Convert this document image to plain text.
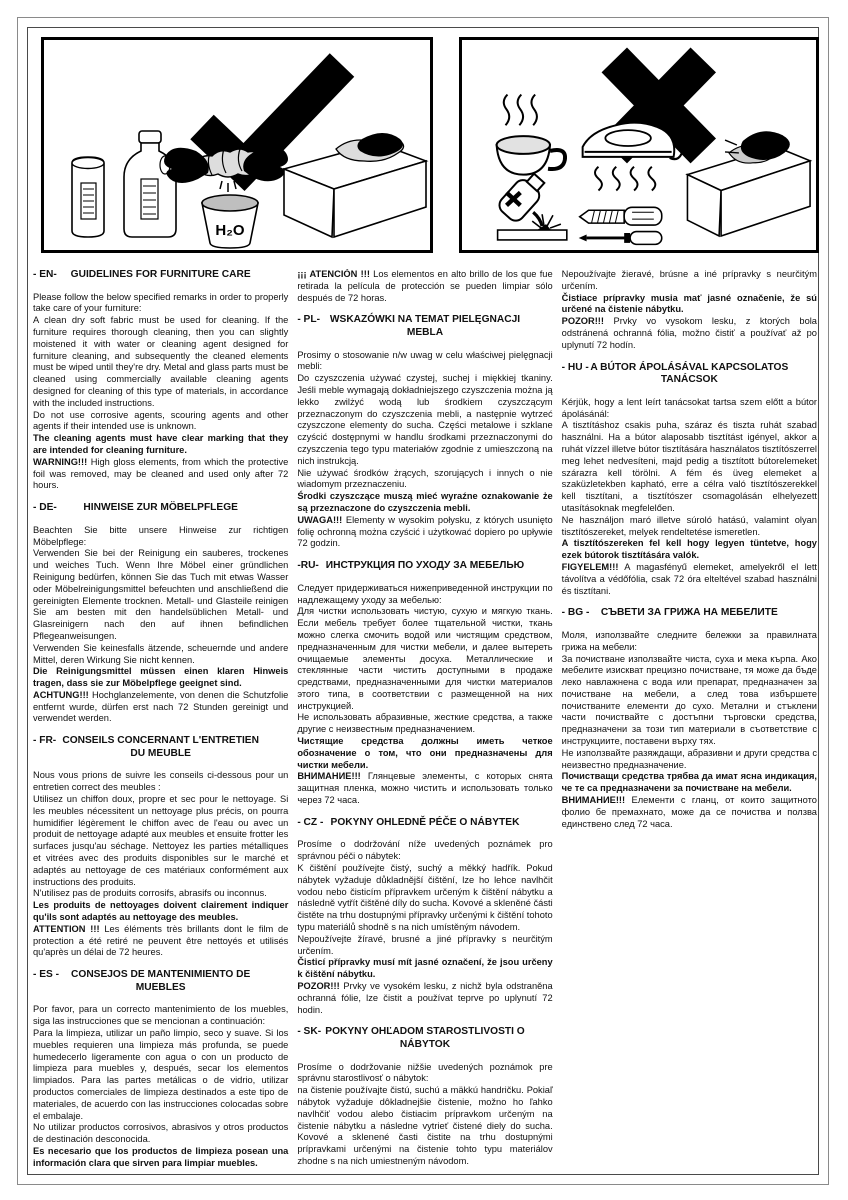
H₂O
- EN- GUIDELINES FOR FURNITURE CARE

Please follow the below specified remarks in order to properly take care of your furniture:

A clean dry soft fabric must be used for cleaning. If the furniture requires thorough cleaning, then you can slightly moistened it with water or cleaning agent designed for furniture cleaning, and subsequently the cleaned elements must be wiped until they're dry. Metal and glass parts must be cleaned using commercially available cleaning agents designed for cleaning of this type of materials, in accordance with the included instructions.

Do not use corrosive agents, scouring agents and other agents if their intended use is unknown.

The cleaning agents must have clear marking that they are intended for cleaning furniture.

WARNING!!! High gloss elements, from which the protective foil was removed, may be cleaned and used only after 72 hours.

- DE-	HINWEISE ZUR MÖBELPFLEGE

Beachten Sie bitte unsere Hinweise zur richtigen Möbelpflege:

Verwenden Sie bei der Reinigung ein sauberes, trockenes und weiches Tuch. Wenn Ihre Möbel einer gründlichen Reinigung bedürfen, können Sie das Tuch mit etwas Wasser oder Möbelreinigungsmittel befeuchten und anschließend die gereinigten Elemente trocknen. Metall- und Glasteile reinigen Sie am besten mit den handelsüblichen Metall- und Glasreinigern nach den auf ihnen befindlichen Pflegeanweisungen.

Verwenden Sie keinesfalls ätzende, scheuernde und andere Mittel, deren Wirkung Sie nicht kennen.

Die Reinigungsmittel müssen einen klaren Hinweis tragen, dass sie zur Möbelpflege geeignet sind.

ACHTUNG!!! Hochglanzelemente, von denen die Schutzfolie entfernt wurde, dürfen erst nach 72 Stunden gereinigt und verwendet werden.

- FR- CONSEILS CONCERNANT L'ENTRETIEN DU MEUBLE

Nous vous prions de suivre les conseils ci-dessous pour un entretien correct des meubles :

Utilisez un chiffon doux, propre et sec pour le nettoyage. Si les meubles nécessitent un nettoyage plus précis, on pourra humidifier légèrement le chiffon avec de l'eau ou avec un produit de nettoyage adapté aux meubles et ensuite frotter les surfaces jusqu'au séchage. Nettoyez les parties métalliques et vitrées avec des produits disponibles sur le marché et adaptés au nettoyage de ces matériaux conformément aux instructions des produits.

N'utilisez pas de produits corrosifs, abrasifs ou inconnus.

Les produits de nettoyages doivent clairement indiquer qu'ils sont adaptés au nettoyage des meubles.

ATTENTION !!! Les éléments très brillants dont le film de protection a été retiré ne peuvent être nettoyés et utilisés qu'après un délai de 72 heures.

- ES - CONSEJOS DE MANTENIMIENTO DE MUEBLES

Por favor, para un correcto mantenimiento de los muebles, siga las instrucciones que se mencionan a continuación:

Para la limpieza, utilizar un paño limpio, seco y suave. Si los muebles requieren una limpieza más profunda, se puede humedecerlo ligeramente con agua o con un producto de limpieza para muebles y, después, secar los elementos limpiados. Para las partes metálicas o de vidrio, utilizar productos comerciales de limpieza destinados a este tipo de materiales, de acuerdo con las instrucciones colocadas sobre el embalaje.

No utilizar productos corrosivos, abrasivos y otros productos de destinación desconocida.

Es necesario que los productos de limpieza posean una información clara que sirven para limpiar muebles.

¡¡¡ ATENCIÓN !!! Los elementos en alto brillo de los que fue retirada la película de protección se pueden limpiar sólo después de 72 horas.

- PL- WSKAZÓWKI NA TEMAT PIELĘGNACJI MEBLA

Prosimy o stosowanie n/w uwag w celu właściwej pielęgnacji mebli:

Do czyszczenia używać czystej, suchej i miękkiej tkaniny. Jeśli meble wymagają dokładniejszego czyszczenia można ją lekko zwilżyć wodą lub środkiem czyszczącym przeznaczonym do czyszczenia mebli, a następnie wytrzeć czyszczone elementy do sucha. Części metalowe i szklane czyścić dostępnymi w handlu środkami przeznaczonymi do czyszczenia tego typu materiałów zgodnie z umieszczoną na nich instrukcją.

Nie używać środków żrących, szorujących i innych o nie wiadomym przeznaczeniu.

Środki czyszczące muszą mieć wyraźne oznakowanie że są przeznaczone do czyszczenia mebli.

UWAGA!!! Elementy w wysokim połysku, z których usunięto folię ochronną można czyścić i użytkować dopiero po upływie 72 godzin.

-RU- ИНСТРУКЦИЯ ПО УХОДУ ЗА МЕБЕЛЬЮ

Следует придерживаться нижеприведенной инструкции по надлежащему уходу за мебелью:

Для чистки использовать чистую, сухую и мягкую ткань. Если мебель требует более тщательной чистки, ткань можно слегка смочить водой или чистящим средством, предназначенным для чистки мебели, и далее вытереть очищаемые элементы досуха. Металлические и стеклянные части чистить доступными в продаже средствами, предназначенными для чистки материалов этого типа, в соответствии с размещенной на них инструкцией.

Не использовать абразивные, жесткие средства, а также другие с неизвестным предназначением.

Чистящие средства должны иметь четкое обозначение о том, что они предназначены для чистки мебели.

ВНИМАНИЕ!!! Глянцевые элементы, с которых снята защитная пленка, можно чистить и использовать только через 72 часа.

- CZ - POKYNY OHLEDNĚ PÉČE O NÁBYTEK

Prosíme o dodržování níže uvedených poznámek pro správnou péči o nábytek:

K čištění používejte čistý, suchý a měkký hadřík. Pokud nábytek vyžaduje důkladnější čištění, lze ho lehce navlhčit vodou nebo čisticím přípravkem určeným k čištění nábytku a následně vytřít čištěné díly do sucha. Kovové a skleněné části čistěte na trhu dostupnými přípravky určenými k čištění tohoto typu materiálů shodně s na nich umístěným návodem.

Nepoužívejte žíravé, brusné a jiné přípravky s neurčitým určením.

Čisticí přípravky musí mít jasné označení, že jsou určeny k čištění nábytku.

POZOR!!! Prvky ve vysokém lesku, z nichž byla odstraněna ochranná fólie, lze čistit a používat teprve po uplynutí 72 hodin.

- SK- POKYNY OHĽADOM STAROSTLIVOSTI O NÁBYTOK

Prosíme o dodržovanie nižšie uvedených poznámok pre správnu starostlivosť o nábytok:

na čistenie používajte čistú, suchú a mäkkú handričku. Pokiaľ nábytok vyžaduje dôkladnejšie čistenie, možno ho ľahko navlhčiť vodou alebo čistiacim prípravkom určeným na čistenie nábytku a následne vytrieť čistené diely do sucha. Kovové a sklenené časti čistite na trhu dostupnými prípravkami určenými na čistenie tohto typu materiálov zhodne s na nich umiestneným návodom.

Nepoužívajte žieravé, brúsne a iné prípravky s neurčitým určením.

Čistiace prípravky musia mať jasné označenie, že sú určené na čistenie nábytku.

POZOR!!! Prvky vo vysokom lesku, z ktorých bola odstránená ochranná fólia, možno čistiť a používať až po uplynutí 72 hodín.

- HU - A BÚTOR ÁPOLÁSÁVAL KAPCSOLATOS TANÁCSOK

Kérjük, hogy a lent leírt tanácsokat tartsa szem előtt a bútor ápolásánál:

A tisztításhoz csakis puha, száraz és tiszta ruhát szabad használni. Ha a bútor alaposabb tisztítást igényel, akkor a ruhát vízzel illetve bútor tisztítására használatos tisztítószerrel meg lehet nedvesíteni, majd pedig a tisztított bútorelemeket szárazra kell törölni. A fém és üveg elemeket a szaküzletekben kapható, erre a célra való tisztítószerekkel kell tisztítani, a tisztítószer csomagolásán elhelyezett utasításoknak megfelelően.

Ne használjon maró illetve súroló hatású, valamint olyan tisztítószereket, melyek rendeltetése ismeretlen.

A tisztítószereken fel kell hogy legyen tüntetve, hogy ezek bútorok tisztítására valók.

FIGYELEM!!! A magasfényű elemeket, amelyekről el lett távolítva a védőfólia, csak 72 óra elteltével szabad használni és tisztítani.

- BG - СЪВЕТИ ЗА ГРИЖА НА МЕБЕЛИТЕ

Моля, използвайте следните бележки за правилната грижа на мебели:

За почистване използвайте чиста, суха и мека кърпа. Ако мебелите изискват прецизно почистване, тя може да бъде леко навлажнена с вода или препарат, предназначен за почистване на мебели, а след това избършете почистваните елементи до сухо. Метални и стъклени части почиствайте с достъпни търговски средства, предназначени за този тип материали в съответствие с инструкциите, поставени върху тях.

Не използвайте разяждащи, абразивни и други средства с неизвестно предназначение.

Почистващи средства трябва да имат ясна индикация, че те са предназначени за почистване на мебели.

ВНИМАНИЕ!!! Елементи с гланц, от които защитното фолио бе премахнато, може да се почиства и ползва единствено след 72 часа.
